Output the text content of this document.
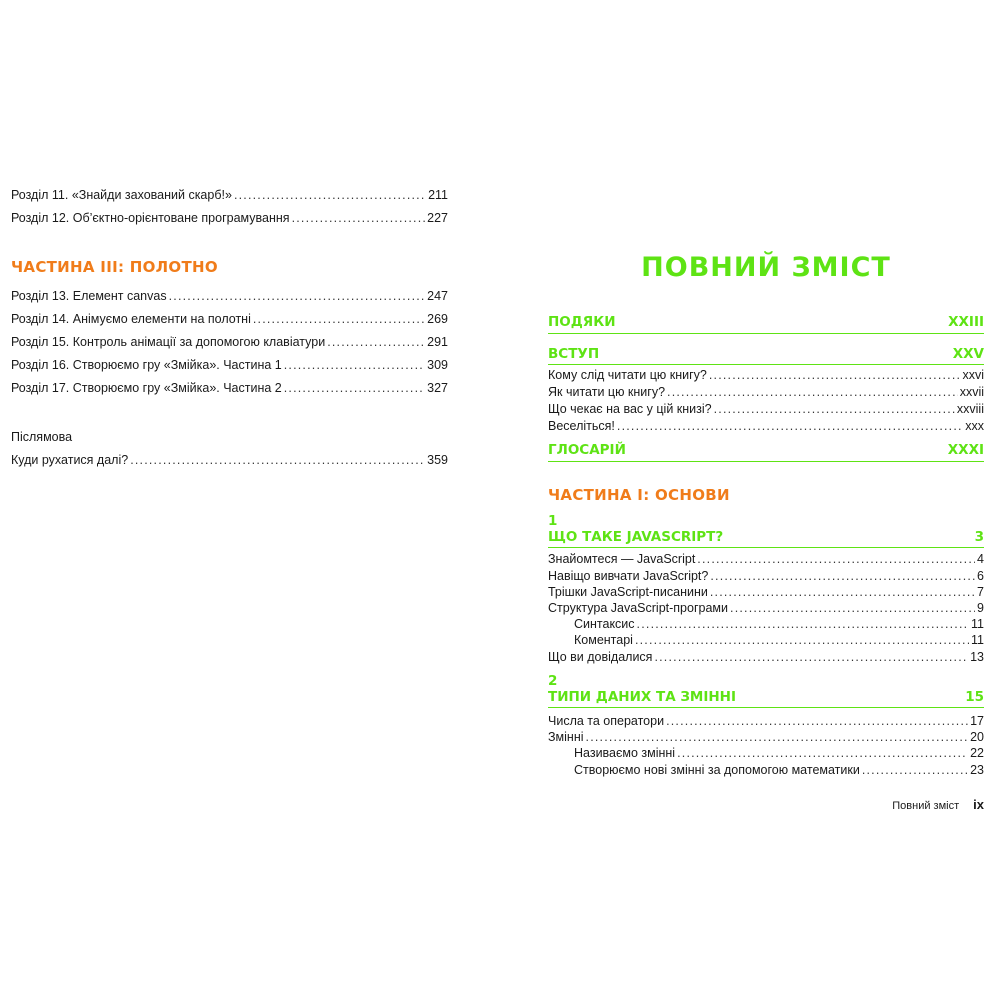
Розділ 11. «Знайди захований скарб!» .....	211
Розділ 12. Об’єктно-орієнтоване програмування .....	227
ЧАСТИНА III: ПОЛОТНО
Розділ 13. Елемент canvas .....	247
Розділ 14. Анімуємо елементи на полотні .....	269
Розділ 15. Контроль анімації за допомогою клавіатури .....	291
Розділ 16. Створюємо гру «Змійка». Частина 1 .....	309
Розділ 17. Створюємо гру «Змійка». Частина 2 .....	327
Післямова
Куди рухатися далі? .....	359
ПОВНИЙ ЗМІСТ
ПОДЯКИ	XXIII
ВСТУП	XXV
Кому слід читати цю книгу? .....	xxvi
Як читати цю книгу? .....	xxvii
Що чекає на вас у цій книзі? .....	xxviii
Веселіться! .....	xxx
ГЛОСАРІЙ	XXXI
ЧАСТИНА I: ОСНОВИ
1
ЩО ТАКЕ JAVASCRIPT?	3
Знайомтеся — JavaScript .....	4
Навіщо вивчати JavaScript? .....	6
Трішки JavaScript-писанини .....	7
Структура JavaScript-програми .....	9
Синтаксис .....	11
Коментарі .....	11
Що ви довідалися .....	13
2
ТИПИ ДАНИХ ТА ЗМІННІ	15
Числа та оператори .....	17
Змінні .....	20
Називаємо змінні .....	22
Створюємо нові змінні за допомогою математики .....	23
Повний зміст ix
